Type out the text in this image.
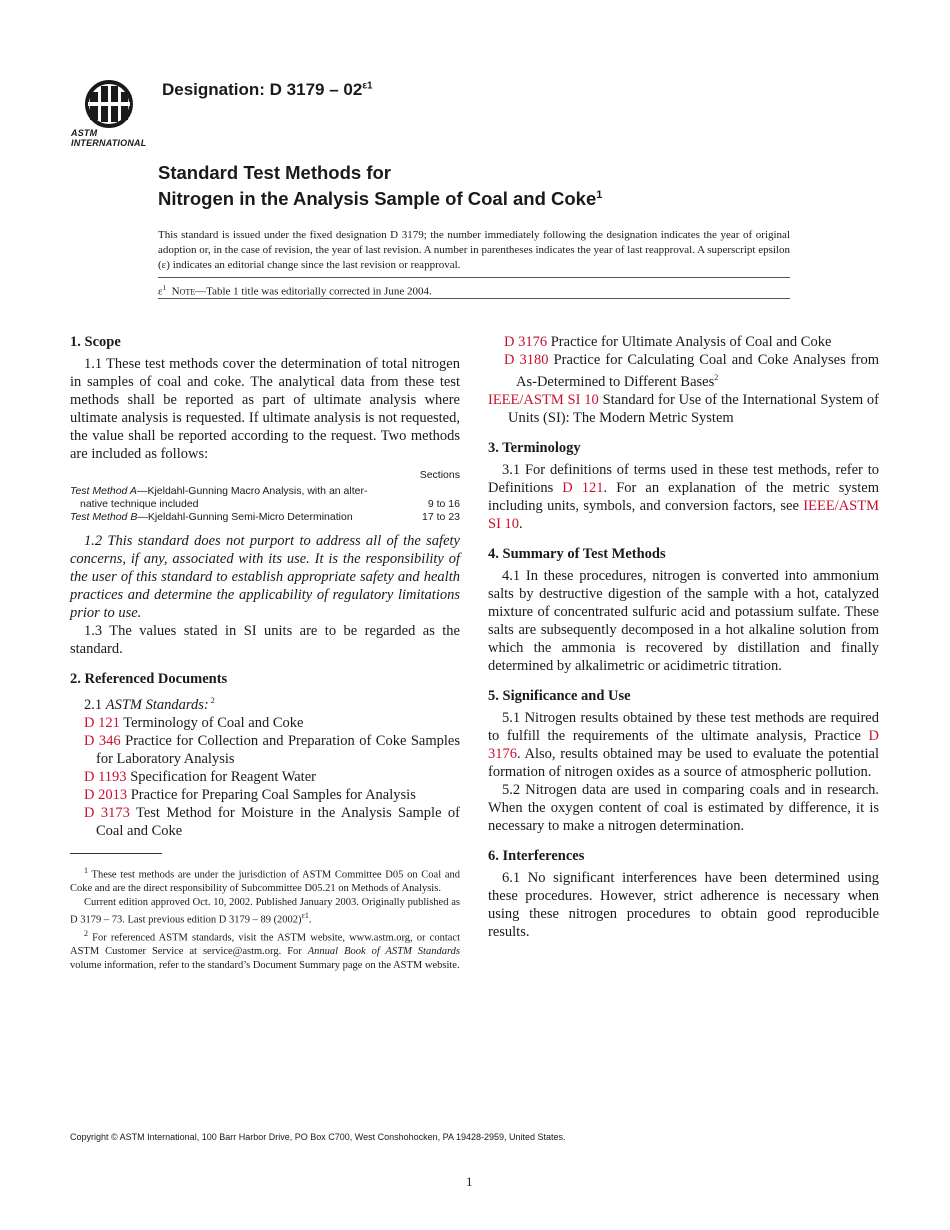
ASTM INTERNATIONAL
Designation: D $3179 - 02^{\varepsilon 1}$
Standard Test Methods for
Nitrogen in the Analysis Sample of Coal and Coke$^1$
This standard is issued under the fixed designation D 3179; the number immediately following the designation indicates the year of original adoption or, in the case of revision, the year of last revision. A number in parentheses indicates the year of last reapproval. A superscript epsilon (ε) indicates an editorial change since the last revision or reapproval.
$\varepsilon^1$ Note—Table 1 title was editorially corrected in June 2004.
1. Scope

1.1 These test methods cover the determination of total nitrogen in samples of coal and coke. The analytical data from these test methods shall be reported as part of ultimate analysis where ultimate analysis is requested. If ultimate analysis is not requested, the value shall be reported according to the request. Two methods are included as follows:

Sections
Test Method A—Kjeldahl-Gunning Macro Analysis, with an alter-
native technique included	9 to 16
Test Method B—Kjeldahl-Gunning Semi-Micro Determination	17 to 23

1.2 This standard does not purport to address all of the safety concerns, if any, associated with its use. It is the responsibility of the user of this standard to establish appropriate safety and health practices and determine the applicability of regulatory limitations prior to use.

1.3 The values stated in SI units are to be regarded as the standard.

2. Referenced Documents

2.1 ASTM Standards: $^2$

D 121 Terminology of Coal and Coke

D 346 Practice for Collection and Preparation of Coke Samples for Laboratory Analysis

D 1193 Specification for Reagent Water

D 2013 Practice for Preparing Coal Samples for Analysis

D 3173 Test Method for Moisture in the Analysis Sample of Coal and Coke

$^1$ These test methods are under the jurisdiction of ASTM Committee D05 on Coal and Coke and are the direct responsibility of Subcommittee D05.21 on Methods of Analysis.

Current edition approved Oct. 10, 2002. Published January 2003. Originally published as D 3179 – 73. Last previous edition D 3179 – 89 (2002)$^{\varepsilon 1}$.

$^2$ For referenced ASTM standards, visit the ASTM website, www.astm.org, or contact ASTM Customer Service at service@astm.org. For Annual Book of ASTM Standards volume information, refer to the standard’s Document Summary page on the ASTM website.

D 3176 Practice for Ultimate Analysis of Coal and Coke

D 3180 Practice for Calculating Coal and Coke Analyses from As-Determined to Different Bases$^2$

IEEE/ASTM SI 10 Standard for Use of the International System of Units (SI): The Modern Metric System

3. Terminology

3.1 For definitions of terms used in these test methods, refer to Definitions D 121. For an explanation of the metric system including units, symbols, and conversion factors, see IEEE/ASTM SI 10.

4. Summary of Test Methods

4.1 In these procedures, nitrogen is converted into ammonium salts by destructive digestion of the sample with a hot, catalyzed mixture of concentrated sulfuric acid and potassium sulfate. These salts are subsequently decomposed in a hot alkaline solution from which the ammonia is recovered by distillation and finally determined by alkalimetric or acidimetric titration.

5. Significance and Use

5.1 Nitrogen results obtained by these test methods are required to fulfill the requirements of the ultimate analysis, Practice D 3176. Also, results obtained may be used to evaluate the potential formation of nitrogen oxides as a source of atmospheric pollution.

5.2 Nitrogen data are used in comparing coals and in research. When the oxygen content of coal is estimated by difference, it is necessary to make a nitrogen determination.

6. Interferences

6.1 No significant interferences have been determined using these procedures. However, strict adherence is necessary when using these nitrogen procedures to obtain good reproducible results.

Copyright © ASTM International, 100 Barr Harbor Drive, PO Box C700, West Conshohocken, PA 19428-2959, United States.
1
